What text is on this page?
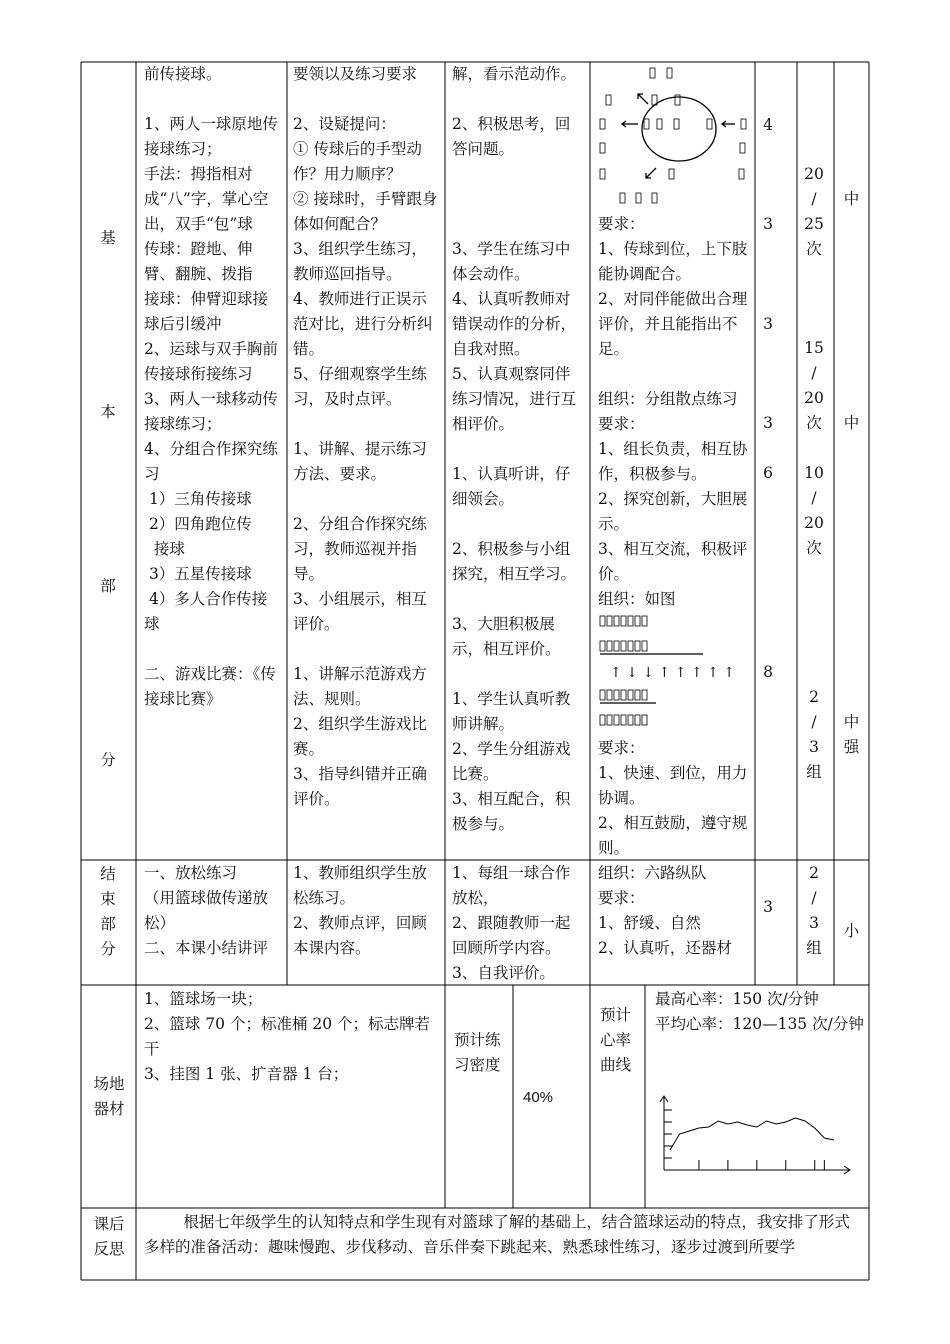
基
本
部
分
前传接球。

1、两人一球原地传接球练习；
手法：拇指相对成“八”字，掌心空出，双手“包”球
传球：蹬地、伸臂、翻腕、拨指
接球：伸臂迎球接球后引缓冲
2、运球与双手胸前传接球衔接练习
3、两人一球移动传接球练习；
4、分组合作探究练习
1）三角传接球
2）四角跑位传
接球
3）五星传接球
4）多人合作传接球

二、游戏比赛：《传接球比赛》
要领以及练习要求

2、设疑提问：
① 传球后的手型动作？用力顺序？
② 接球时，手臂跟身体如何配合？
3、组织学生练习，教师巡回指导。
4、教师进行正误示范对比，进行分析纠错。
5、仔细观察学生练习，及时点评。

1、讲解、提示练习方法、要求。

2、分组合作探究练习，教师巡视并指导。
3、小组展示，相互评价。

1、讲解示范游戏方法、规则。
2、组织学生游戏比赛。
3、指导纠错并正确评价。
解，看示范动作。

2、积极思考，回答问题。

3、学生在练习中体会动作。
4、认真听教师对错误动作的分析，自我对照。
5、认真观察同伴练习情况，进行互相评价。

1、认真听讲，仔细领会。

2、积极参与小组探究，相互学习。

3、大胆积极展示，相互评价。

1、学生认真听教师讲解。
2、学生分组游戏比赛。
3、相互配合，积极参与。
要求：
1、传球到位，上下肢能协调配合。
2、对同伴能做出合理评价，并且能指出不足。

组织：分组散点练习
要求：
1、组长负责，相互协作，积极参与。
2、探究创新，大胆展示。
3、相互交流，积极评价。
组织：如图
↑ ↓ ↓ ↑ ↑ ↑ ↑ ↑
要求：
1、快速、到位，用力协调。
2、相互鼓励，遵守规则。
4
3
3
3
6
8
20
/
25
次
15
/
20
次
10
/
20
次
2
/
3
组
中
中
中
强
结
束
部
分
一、放松练习
（用篮球做传递放松）
二、本课小结讲评
1、教师组织学生放松练习。
2、教师点评，回顾本课内容。
1、每组一球合作放松，
2、跟随教师一起回顾所学内容。
3、自我评价。
组织：六路纵队
要求：
1、舒缓、自然
2、认真听，还器材
3
2
/
3
组
小
场地
器材
1、篮球场一块；
2、篮球 70 个；标准桶 20 个；标志牌若干
3、挂图 1 张、扩音器 1 台；
预计练
习密度
40%
预计
心率
曲线
最高心率：150 次/分钟
平均心率：120—135 次/分钟
课后
反思
根据七年级学生的认知特点和学生现有对篮球了解的基础上，结合篮球运动的特点，我安排了形式多样的准备活动：趣味慢跑、步伐移动、音乐伴奏下跳起来、熟悉球性练习，逐步过渡到所要学
